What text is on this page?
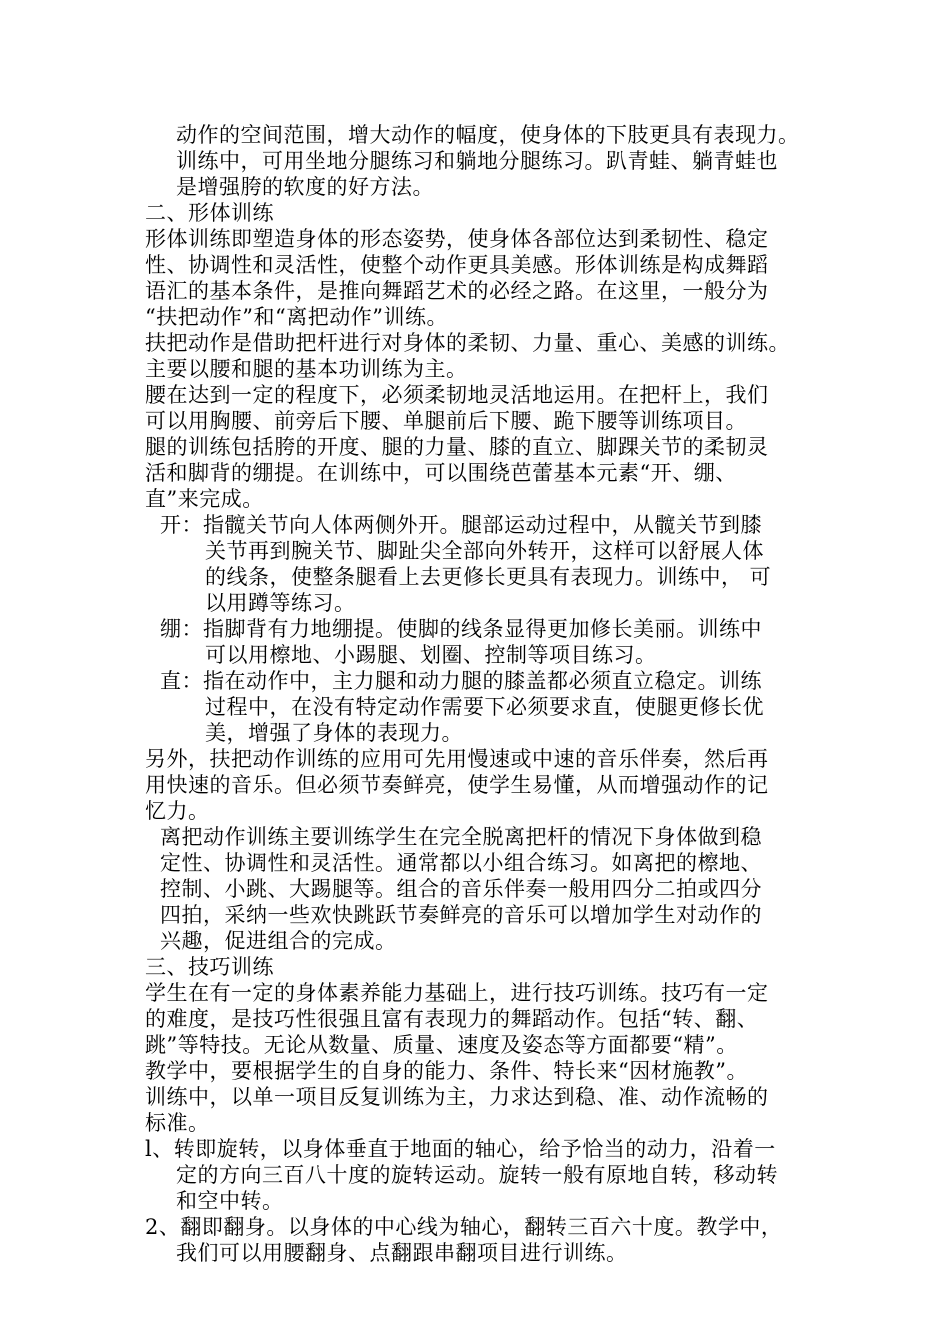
动作的空间范围，增大动作的幅度，使身体的下肢更具有表现力。
训练中，可用坐地分腿练习和躺地分腿练习。趴青蛙、躺青蛙也
是增强胯的软度的好方法。
二、形体训练
形体训练即塑造身体的形态姿势，使身体各部位达到柔韧性、稳定
性、协调性和灵活性，使整个动作更具美感。形体训练是构成舞蹈
语汇的基本条件，是推向舞蹈艺术的必经之路。在这里，一般分为
“扶把动作”和“离把动作”训练。
扶把动作是借助把杆进行对身体的柔韧、力量、重心、美感的训练。
主要以腰和腿的基本功训练为主。
腰在达到一定的程度下，必须柔韧地灵活地运用。在把杆上，我们
可以用胸腰、前旁后下腰、单腿前后下腰、跪下腰等训练项目。
腿的训练包括胯的开度、腿的力量、膝的直立、脚踝关节的柔韧灵
活和脚背的绷提。在训练中，可以围绕芭蕾基本元素“开、绷、
直”来完成。
开：指髋关节向人体两侧外开。腿部运动过程中，从髋关节到膝
关节再到腕关节、脚趾尖全部向外转开，这样可以舒展人体
的线条，使整条腿看上去更修长更具有表现力。训练中， 可
以用蹲等练习。
绷：指脚背有力地绷提。使脚的线条显得更加修长美丽。训练中
可以用檫地、小踢腿、划圈、控制等项目练习。
直：指在动作中，主力腿和动力腿的膝盖都必须直立稳定。训练
过程中，在没有特定动作需要下必须要求直，使腿更修长优
美，增强了身体的表现力。
另外，扶把动作训练的应用可先用慢速或中速的音乐伴奏，然后再
用快速的音乐。但必须节奏鲜亮，使学生易懂，从而增强动作的记
忆力。
离把动作训练主要训练学生在完全脱离把杆的情况下身体做到稳
定性、协调性和灵活性。通常都以小组合练习。如离把的檫地、
控制、小跳、大踢腿等。组合的音乐伴奏一般用四分二拍或四分
四拍，采纳一些欢快跳跃节奏鲜亮的音乐可以增加学生对动作的
兴趣，促进组合的完成。
三、技巧训练
学生在有一定的身体素养能力基础上，进行技巧训练。技巧有一定
的难度，是技巧性很强且富有表现力的舞蹈动作。包括“转、翻、
跳”等特技。无论从数量、质量、速度及姿态等方面都要“精”。
教学中，要根据学生的自身的能力、条件、特长来“因材施教”。
训练中，以单一项目反复训练为主，力求达到稳、准、动作流畅的
标准。
l、转即旋转，以身体垂直于地面的轴心，给予恰当的动力，沿着一
定的方向三百八十度的旋转运动。旋转一般有原地自转，移动转
和空中转。
2、翻即翻身。以身体的中心线为轴心，翻转三百六十度。教学中，
我们可以用腰翻身、点翻跟串翻项目进行训练。
